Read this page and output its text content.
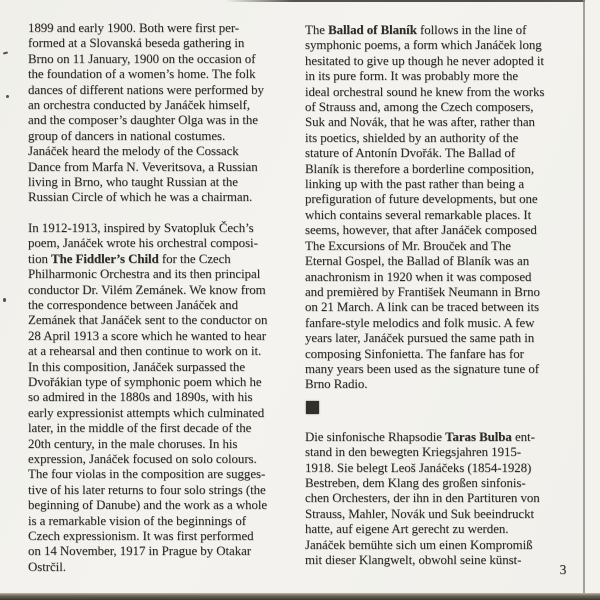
1899 and early 1900. Both were first per-
formed at a Slovanská beseda gathering in
Brno on 11 January, 1900 on the occasion of
the foundation of a women’s home. The folk
dances of different nations were performed by
an orchestra conducted by Janáček himself,
and the composer’s daughter Olga was in the
group of dancers in national costumes.
Janáček heard the melody of the Cossack
Dance from Marfa N. Veveritsova, a Russian
living in Brno, who taught Russian at the
Russian Circle of which he was a chairman.
In 1912-1913, inspired by Svatopluk Čech’s
poem, Janáček wrote his orchestral composi-
tion The Fiddler’s Child for the Czech
Philharmonic Orchestra and its then principal
conductor Dr. Vilém Zemánek. We know from
the correspondence between Janáček and
Zemánek that Janáček sent to the conductor on
28 April 1913 a score which he wanted to hear
at a rehearsal and then continue to work on it.
In this composition, Janáček surpassed the
Dvořákian type of symphonic poem which he
so admired in the 1880s and 1890s, with his
early expressionist attempts which culminated
later, in the middle of the first decade of the
20th century, in the male choruses. In his
expression, Janáček focused on solo colours.
The four violas in the composition are sugges-
tive of his later returns to four solo strings (the
beginning of Danube) and the work as a whole
is a remarkable vision of the beginnings of
Czech expressionism. It was first performed
on 14 November, 1917 in Prague by Otakar
Ostrčil.
The Ballad of Blaník follows in the line of
symphonic poems, a form which Janáček long
hesitated to give up though he never adopted it
in its pure form. It was probably more the
ideal orchestral sound he knew from the works
of Strauss and, among the Czech composers,
Suk and Novák, that he was after, rather than
its poetics, shielded by an authority of the
stature of Antonín Dvořák. The Ballad of
Blaník is therefore a borderline composition,
linking up with the past rather than being a
prefiguration of future developments, but one
which contains several remarkable places. It
seems, however, that after Janáček composed
The Excursions of Mr. Brouček and The
Eternal Gospel, the Ballad of Blaník was an
anachronism in 1920 when it was composed
and premièred by František Neumann in Brno
on 21 March. A link can be traced between its
fanfare-style melodics and folk music. A few
years later, Janáček pursued the same path in
composing Sinfonietta. The fanfare has for
many years been used as the signature tune of
Brno Radio.
Die sinfonische Rhapsodie Taras Bulba ent-
stand in den bewegten Kriegsjahren 1915-
1918. Sie belegt Leoš Janáčeks (1854-1928)
Bestreben, dem Klang des großen sinfonis-
chen Orchesters, der ihn in den Partituren von
Strauss, Mahler, Novák und Suk beeindruckt
hatte, auf eigene Art gerecht zu werden.
Janáček bemühte sich um einen Kompromiß
mit dieser Klangwelt, obwohl seine künst-
3
